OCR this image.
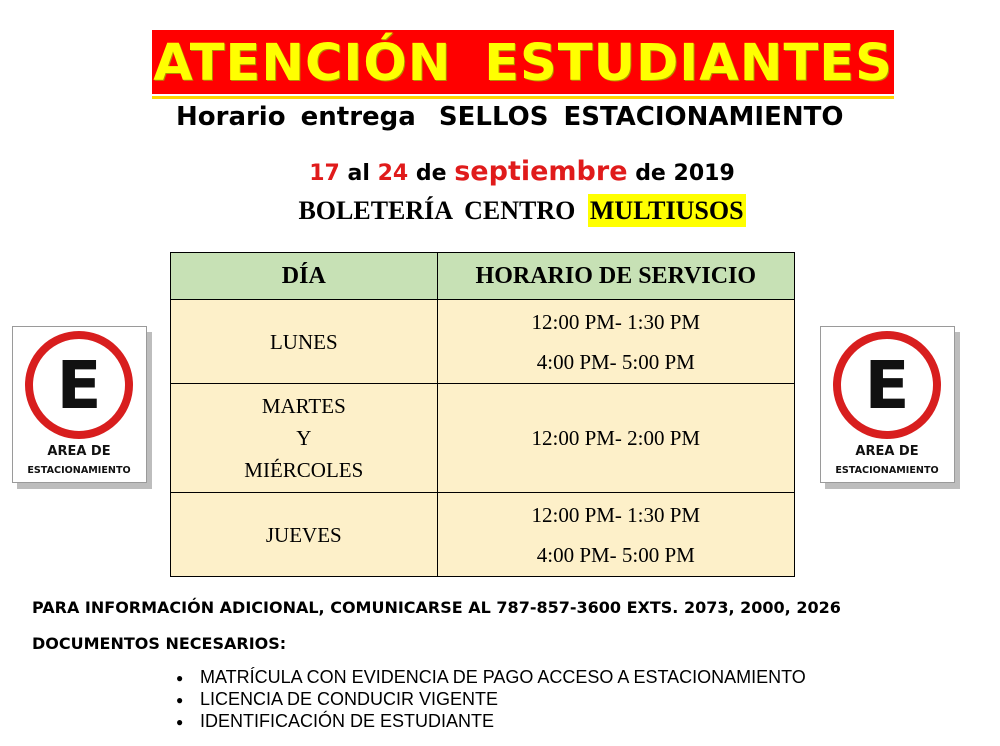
ATENCIÓN ESTUDIANTES
Horario entrega SELLOS ESTACIONAMIENTO
17 al 24 de septiembre de 2019
BOLETERÍA CENTRO MULTIUSOS
E
AREA DE
ESTACIONAMIENTO
E
AREA DE
ESTACIONAMIENTO
DÍA	HORARIO DE SERVICIO

LUNES	12:00 PM- 1:30 PM
4:00 PM- 5:00 PM

MARTES
Y
MIÉRCOLES	12:00 PM- 2:00 PM

JUEVES	12:00 PM- 1:30 PM
4:00 PM- 5:00 PM
PARA INFORMACIÓN ADICIONAL, COMUNICARSE AL 787-857-3600 EXTS. 2073, 2000, 2026
DOCUMENTOS NECESARIOS:
● MATRÍCULA CON EVIDENCIA DE PAGO ACCESO A ESTACIONAMIENTO
● LICENCIA DE CONDUCIR VIGENTE
● IDENTIFICACIÓN DE ESTUDIANTE
